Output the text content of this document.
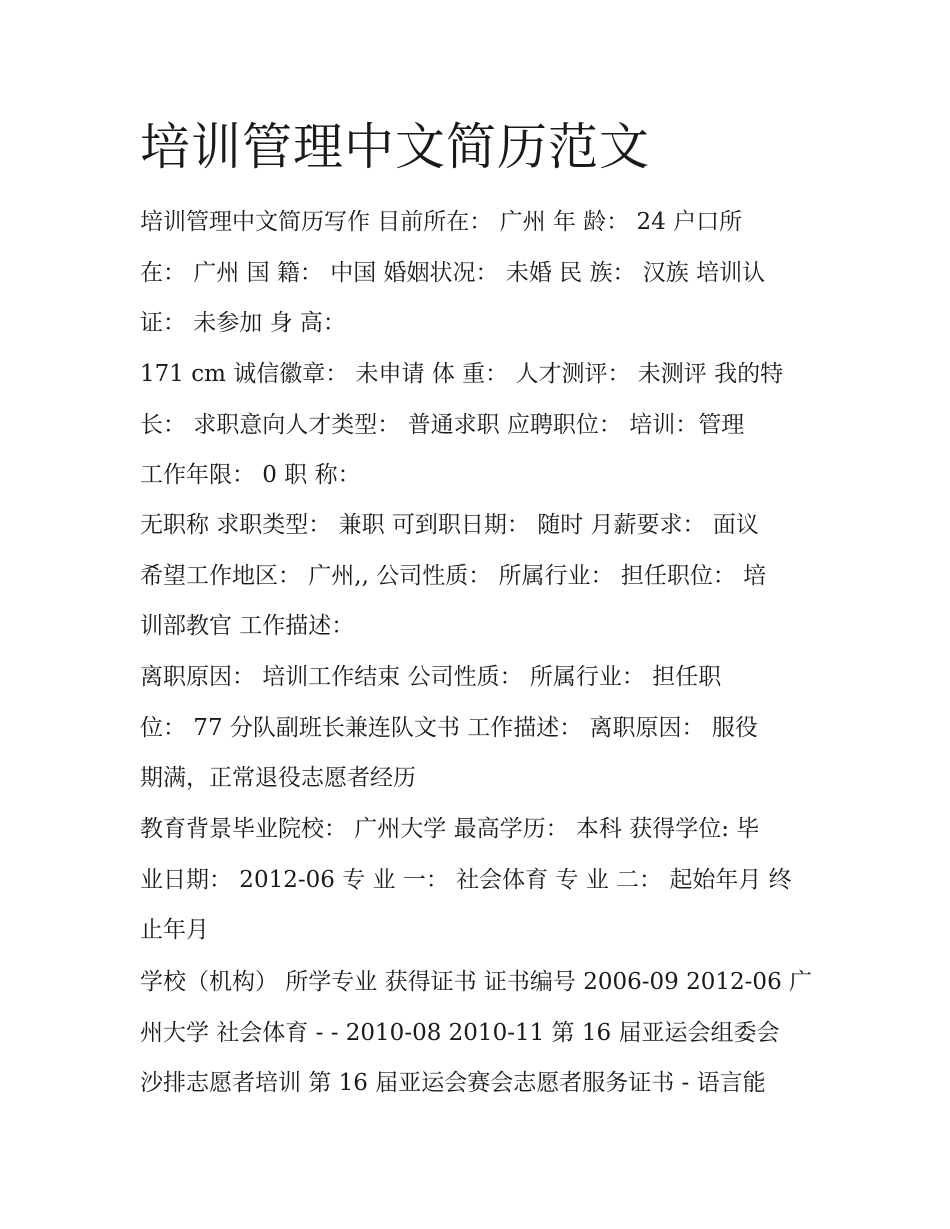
培训管理中文简历范文
培训管理中文简历写作 目前所在： 广州 年 龄： 24 户口所
在： 广州 国 籍： 中国 婚姻状况： 未婚 民 族： 汉族 培训认
证： 未参加 身 高：
171 cm 诚信徽章： 未申请 体 重： 人才测评： 未测评 我的特
长： 求职意向人才类型： 普通求职 应聘职位： 培训：管理
工作年限： 0 职 称：
无职称 求职类型： 兼职 可到职日期： 随时 月薪要求： 面议
希望工作地区： 广州,, 公司性质： 所属行业： 担任职位： 培
训部教官 工作描述：
离职原因： 培训工作结束 公司性质： 所属行业： 担任职
位： 77 分队副班长兼连队文书 工作描述： 离职原因： 服役
期满，正常退役志愿者经历
教育背景毕业院校： 广州大学 最高学历： 本科 获得学位: 毕
业日期： 2012-06 专 业 一： 社会体育 专 业 二： 起始年月 终
止年月
学校（机构） 所学专业 获得证书 证书编号 2006-09 2012-06 广
州大学 社会体育 - - 2010-08 2010-11 第 16 届亚运会组委会
沙排志愿者培训 第 16 届亚运会赛会志愿者服务证书 - 语言能
